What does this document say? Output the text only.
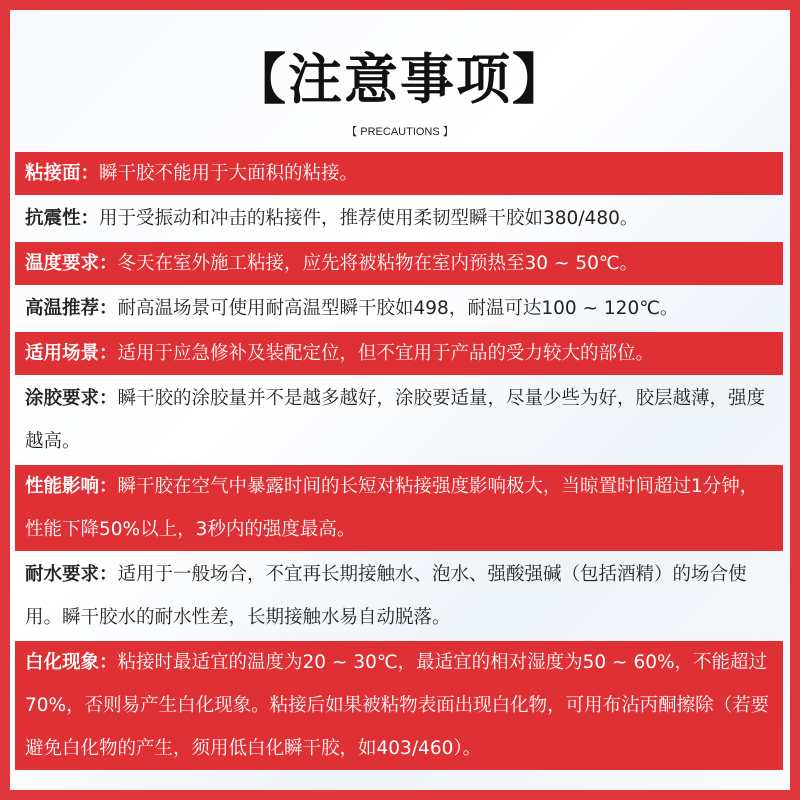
【注意事项】
【 PRECAUTIONS 】
粘接面：瞬干胶不能用于大面积的粘接。
抗震性：用于受振动和冲击的粘接件，推荐使用柔韧型瞬干胶如380/480。
温度要求：冬天在室外施工粘接，应先将被粘物在室内预热至30 ~ 50℃。
高温推荐：耐高温场景可使用耐高温型瞬干胶如498，耐温可达100 ~ 120℃。
适用场景：适用于应急修补及装配定位，但不宜用于产品的受力较大的部位。
涂胶要求：瞬干胶的涂胶量并不是越多越好，涂胶要适量，尽量少些为好，胶层越薄，强度越高。
性能影响：瞬干胶在空气中暴露时间的长短对粘接强度影响极大，当晾置时间超过1分钟，性能下降50%以上，3秒内的强度最高。
耐水要求：适用于一般场合，不宜再长期接触水、泡水、强酸强碱（包括酒精）的场合使用。瞬干胶水的耐水性差，长期接触水易自动脱落。
白化现象：粘接时最适宜的温度为20 ~ 30℃，最适宜的相对湿度为50 ~ 60%，不能超过70%，否则易产生白化现象。粘接后如果被粘物表面出现白化物，可用布沾丙酮擦除（若要避免白化物的产生，须用低白化瞬干胶，如403/460）。
